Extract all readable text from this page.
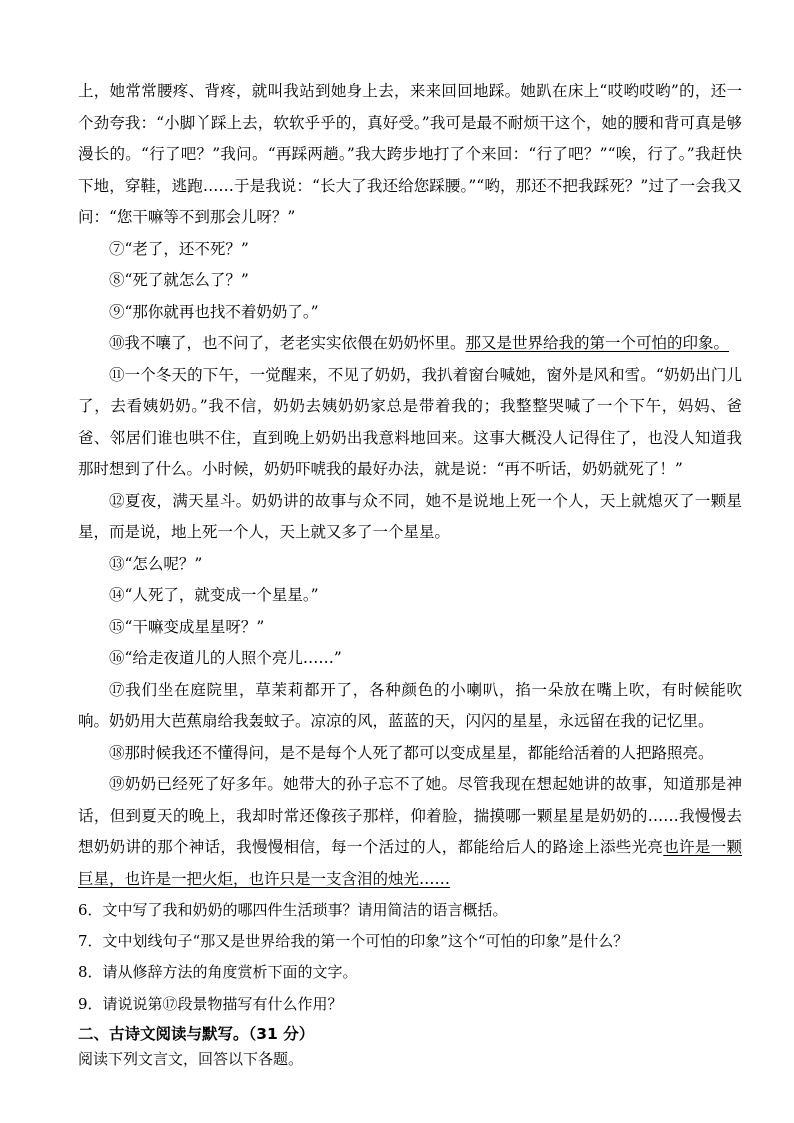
上，她常常腰疼、背疼，就叫我站到她身上去，来来回回地踩。她趴在床上“哎哟哎哟”的，还一个劲夸我：“小脚丫踩上去，软软乎乎的，真好受。”我可是最不耐烦干这个，她的腰和背可真是够漫长的。“行了吧？”我问。“再踩两趟。”我大跨步地打了个来回：“行了吧？”“唉，行了。”我赶快下地，穿鞋，逃跑……于是我说：“长大了我还给您踩腰。”“哟，那还不把我踩死？”过了一会我又问：“您干嘛等不到那会儿呀？”

⑦“老了，还不死？”

⑧“死了就怎么了？”

⑨“那你就再也找不着奶奶了。”

⑩我不嚷了，也不问了，老老实实依偎在奶奶怀里。那又是世界给我的第一个可怕的印象。

⑪一个冬天的下午，一觉醒来，不见了奶奶，我扒着窗台喊她，窗外是风和雪。“奶奶出门儿了，去看姨奶奶。”我不信，奶奶去姨奶奶家总是带着我的；我整整哭喊了一个下午，妈妈、爸爸、邻居们谁也哄不住，直到晚上奶奶出我意料地回来。这事大概没人记得住了，也没人知道我那时想到了什么。小时候，奶奶吓唬我的最好办法，就是说：“再不听话，奶奶就死了！”

⑫夏夜，满天星斗。奶奶讲的故事与众不同，她不是说地上死一个人，天上就熄灭了一颗星星，而是说，地上死一个人，天上就又多了一个星星。

⑬“怎么呢？”

⑭“人死了，就变成一个星星。”

⑮“干嘛变成星星呀？”

⑯“给走夜道儿的人照个亮儿……”

⑰我们坐在庭院里，草茉莉都开了，各种颜色的小喇叭，掐一朵放在嘴上吹，有时候能吹响。奶奶用大芭蕉扇给我轰蚊子。凉凉的风，蓝蓝的天，闪闪的星星，永远留在我的记忆里。

⑱那时候我还不懂得问，是不是每个人死了都可以变成星星，都能给活着的人把路照亮。

⑲奶奶已经死了好多年。她带大的孙子忘不了她。尽管我现在想起她讲的故事，知道那是神话，但到夏天的晚上，我却时常还像孩子那样，仰着脸，揣摸哪一颗星星是奶奶的……我慢慢去想奶奶讲的那个神话，我慢慢相信，每一个活过的人，都能给后人的路途上添些光亮也许是一颗巨星，也许是一把火炬，也许只是一支含泪的烛光……

6．文中写了我和奶奶的哪四件生活琐事？请用简洁的语言概括。

7．文中划线句子“那又是世界给我的第一个可怕的印象”这个“可怕的印象”是什么？

8．请从修辞方法的角度赏析下面的文字。

9．请说说第⑰段景物描写有什么作用？

二、古诗文阅读与默写。（31 分）

阅读下列文言文，回答以下各题。
